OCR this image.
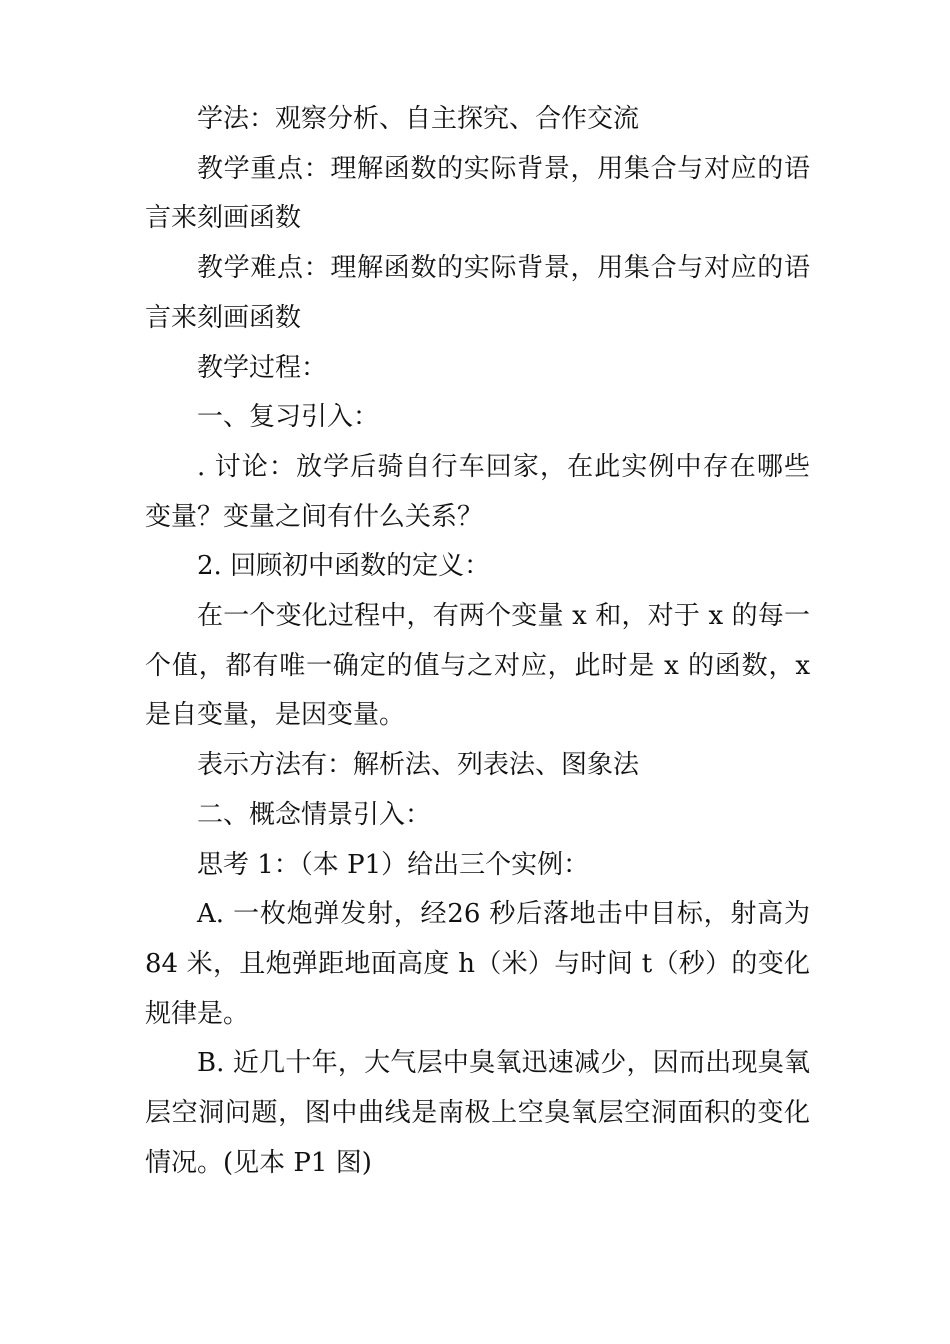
学法：观察分析、自主探究、合作交流

教学重点：理解函数的实际背景，用集合与对应的语言来刻画函数

教学难点：理解函数的实际背景，用集合与对应的语言来刻画函数

教学过程：

一、复习引入：

. 讨论：放学后骑自行车回家，在此实例中存在哪些变量？变量之间有什么关系？

2. 回顾初中函数的定义：

在一个变化过程中，有两个变量 x 和，对于 x 的每一个值，都有唯一确定的值与之对应，此时是 x 的函数，x 是自变量，是因变量。

表示方法有：解析法、列表法、图象法

二、概念情景引入：

思考 1：（本 P1）给出三个实例：

A. 一枚炮弹发射，经26 秒后落地击中目标，射高为84 米，且炮弹距地面高度 h（米）与时间 t（秒）的变化规律是。

B. 近几十年，大气层中臭氧迅速减少，因而出现臭氧层空洞问题，图中曲线是南极上空臭氧层空洞面积的变化情况。(见本 P1 图)
